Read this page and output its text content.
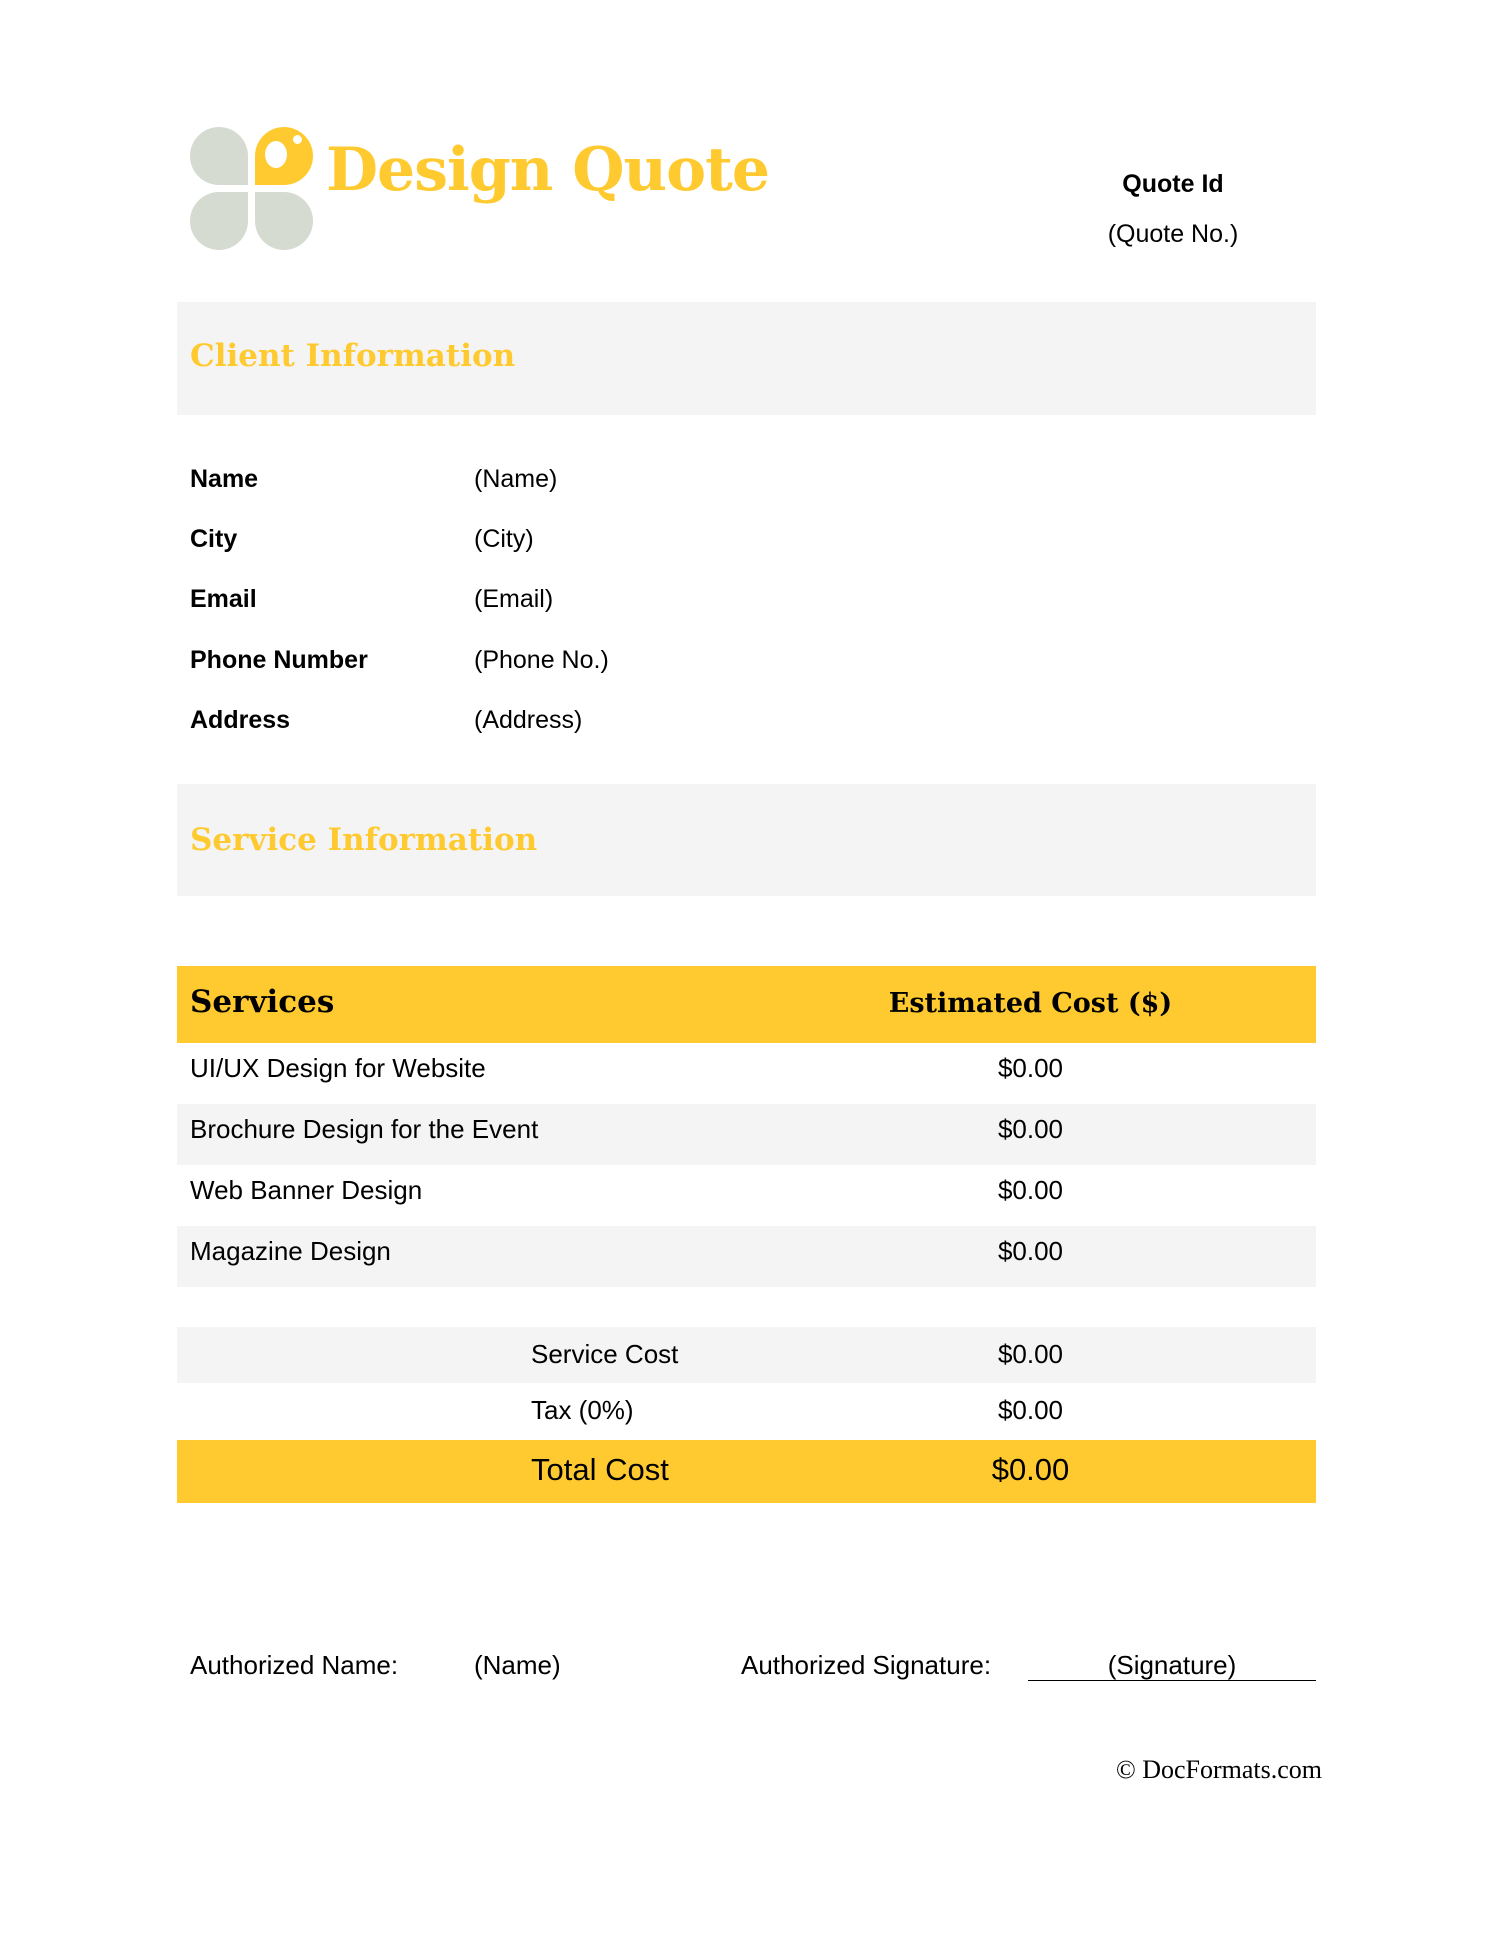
Design Quote	Quote Id
(Quote No.)
Client Information
Name	(Name)
City	(City)
Email	(Email)
Phone Number	(Phone No.)
Address	(Address)
Service Information
Services	Estimated Cost ($)
UI/UX Design for Website	$0.00
Brochure Design for the Event	$0.00
Web Banner Design	$0.00
Magazine Design	$0.00
Service Cost	$0.00
Tax (0%)	$0.00
Total Cost	$0.00
Authorized Name:	(Name)	Authorized Signature:	(Signature)
© DocFormats.com
